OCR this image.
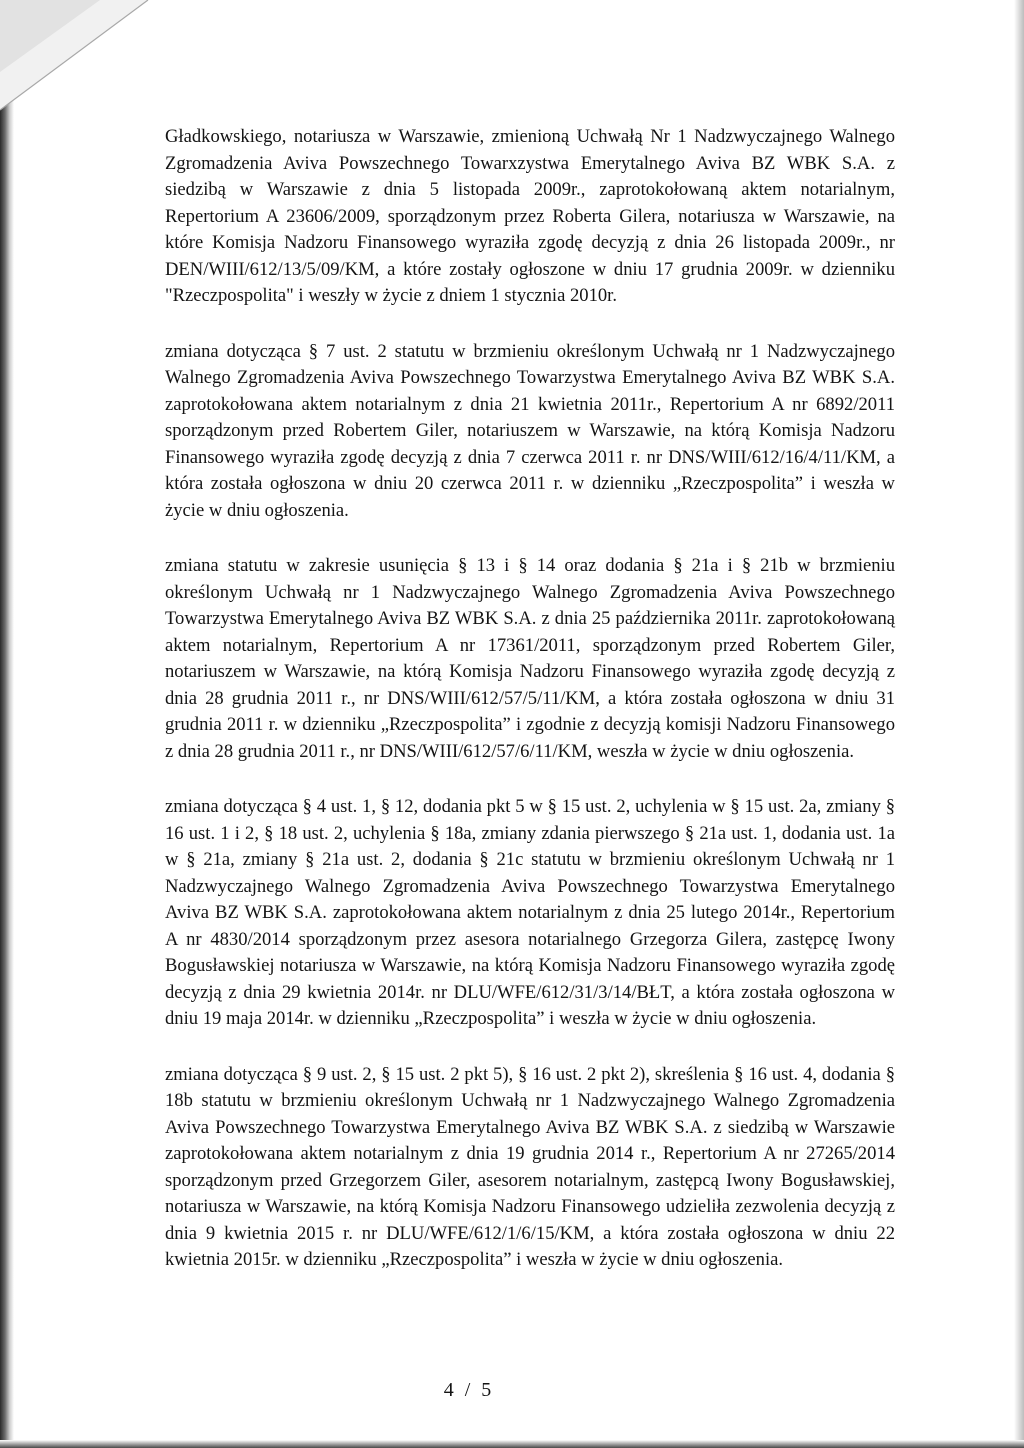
Gładkowskiego, notariusza w Warszawie, zmienioną Uchwałą Nr 1 Nadzwyczajnego Walnego Zgromadzenia Aviva Powszechnego Towarxzystwa Emerytalnego Aviva BZ WBK S.A. z siedzibą w Warszawie z dnia 5 listopada 2009r., zaprotokołowaną aktem notarialnym, Repertorium A 23606/2009, sporządzonym przez Roberta Gilera, notariusza w Warszawie, na które Komisja Nadzoru Finansowego wyraziła zgodę decyzją z dnia 26 listopada 2009r., nr DEN/WIII/612/13/5/09/KM, a które zostały ogłoszone w dniu 17 grudnia 2009r. w dzienniku "Rzeczpospolita" i weszły w życie z dniem 1 stycznia 2010r.

zmiana dotycząca § 7 ust. 2 statutu w brzmieniu określonym Uchwałą nr 1 Nadzwyczajnego Walnego Zgromadzenia Aviva Powszechnego Towarzystwa Emerytalnego Aviva BZ WBK S.A. zaprotokołowana aktem notarialnym z dnia 21 kwietnia 2011r., Repertorium A nr 6892/2011 sporządzonym przed Robertem Giler, notariuszem w Warszawie, na którą Komisja Nadzoru Finansowego wyraziła zgodę decyzją z dnia 7 czerwca 2011 r. nr DNS/WIII/612/16/4/11/KM, a która została ogłoszona w dniu 20 czerwca 2011 r. w dzienniku „Rzeczpospolita” i weszła w życie w dniu ogłoszenia.

zmiana statutu w zakresie usunięcia § 13 i § 14 oraz dodania § 21a i § 21b w brzmieniu określonym Uchwałą nr 1 Nadzwyczajnego Walnego Zgromadzenia Aviva Powszechnego Towarzystwa Emerytalnego Aviva BZ WBK S.A. z dnia 25 października 2011r. zaprotokołowaną aktem notarialnym, Repertorium A nr 17361/2011, sporządzonym przed Robertem Giler, notariuszem w Warszawie, na którą Komisja Nadzoru Finansowego wyraziła zgodę decyzją z dnia 28 grudnia 2011 r., nr DNS/WIII/612/57/5/11/KM, a która została ogłoszona w dniu 31 grudnia 2011 r. w dzienniku „Rzeczpospolita” i zgodnie z decyzją komisji Nadzoru Finansowego z dnia 28 grudnia 2011 r., nr DNS/WIII/612/57/6/11/KM, weszła w życie w dniu ogłoszenia.

zmiana dotycząca § 4 ust. 1, § 12, dodania pkt 5 w § 15 ust. 2, uchylenia w § 15 ust. 2a, zmiany § 16 ust. 1 i 2, § 18 ust. 2, uchylenia § 18a, zmiany zdania pierwszego § 21a ust. 1, dodania ust. 1a w § 21a, zmiany § 21a ust. 2, dodania § 21c statutu w brzmieniu określonym Uchwałą nr 1 Nadzwyczajnego Walnego Zgromadzenia Aviva Powszechnego Towarzystwa Emerytalnego Aviva BZ WBK S.A. zaprotokołowana aktem notarialnym z dnia 25 lutego 2014r., Repertorium A nr 4830/2014 sporządzonym przez asesora notarialnego Grzegorza Gilera, zastępcę Iwony Bogusławskiej notariusza w Warszawie, na którą Komisja Nadzoru Finansowego wyraziła zgodę decyzją z dnia 29 kwietnia 2014r. nr DLU/WFE/612/31/3/14/BŁT, a która została ogłoszona w dniu 19 maja 2014r. w dzienniku „Rzeczpospolita” i weszła w życie w dniu ogłoszenia.

zmiana dotycząca § 9 ust. 2, § 15 ust. 2 pkt 5), § 16 ust. 2 pkt 2), skreślenia § 16 ust. 4, dodania § 18b statutu w brzmieniu określonym Uchwałą nr 1 Nadzwyczajnego Walnego Zgromadzenia Aviva Powszechnego Towarzystwa Emerytalnego Aviva BZ WBK S.A. z siedzibą w Warszawie zaprotokołowana aktem notarialnym z dnia 19 grudnia 2014 r., Repertorium A nr 27265/2014 sporządzonym przed Grzegorzem Giler, asesorem notarialnym, zastępcą Iwony Bogusławskiej, notariusza w Warszawie, na którą Komisja Nadzoru Finansowego udzieliła zezwolenia decyzją z dnia 9 kwietnia 2015 r. nr DLU/WFE/612/1/6/15/KM, a która została ogłoszona w dniu 22 kwietnia 2015r. w dzienniku „Rzeczpospolita” i weszła w życie w dniu ogłoszenia.

4 / 5
